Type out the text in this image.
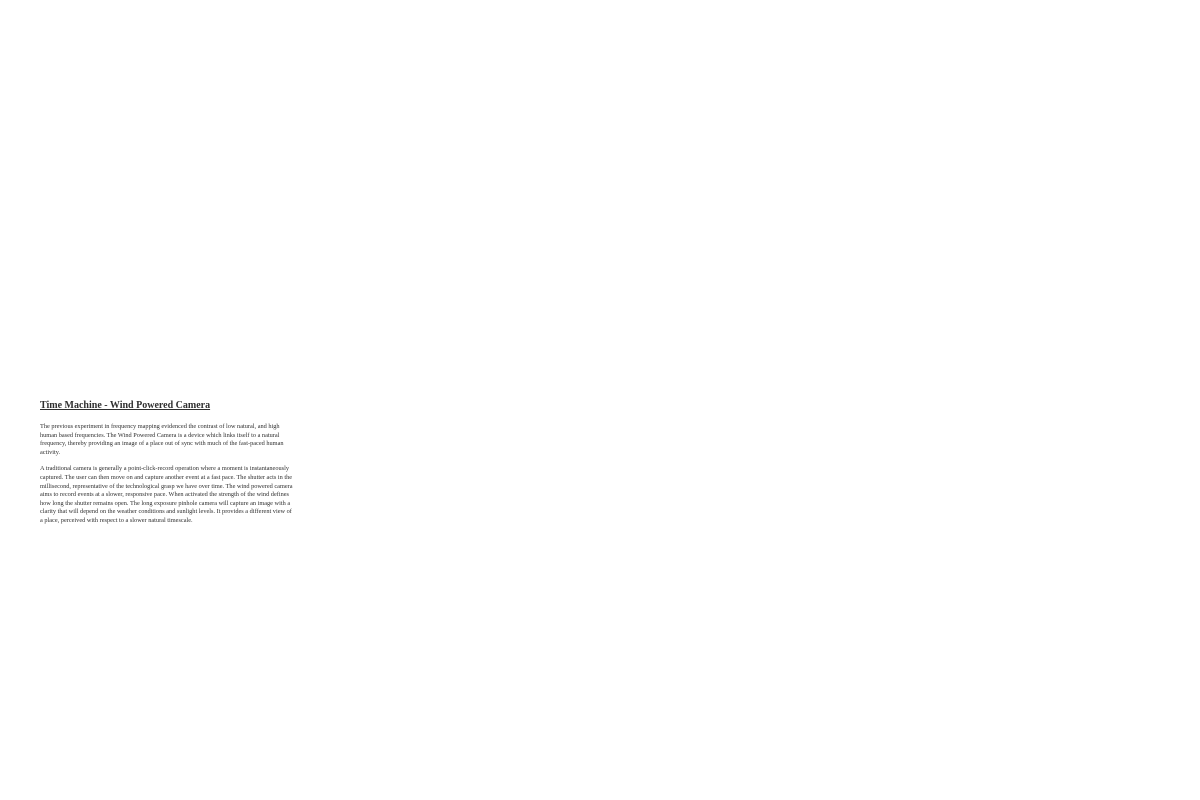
Time Machine - Wind Powered Camera

The previous experiment in frequency mapping evidenced the contrast of low natural, and high human based frequencies. The Wind Powered Camera is a device which links itself to a natural frequency, thereby providing an image of a place out of sync with much of the fast-paced human activity.

A traditional camera is generally a point-click-record operation where a moment is instantaneously captured. The user can then move on and capture another event at a fast pace. The shutter acts in the millisecond, representative of the technological grasp we have over time. The wind powered camera aims to record events at a slower, responsive pace. When activated the strength of the wind defines how long the shutter remains open. The long exposure pinhole camera will capture an image with a clarity that will depend on the weather conditions and sunlight levels. It provides a different view of a place, perceived with respect to a slower natural timescale.
